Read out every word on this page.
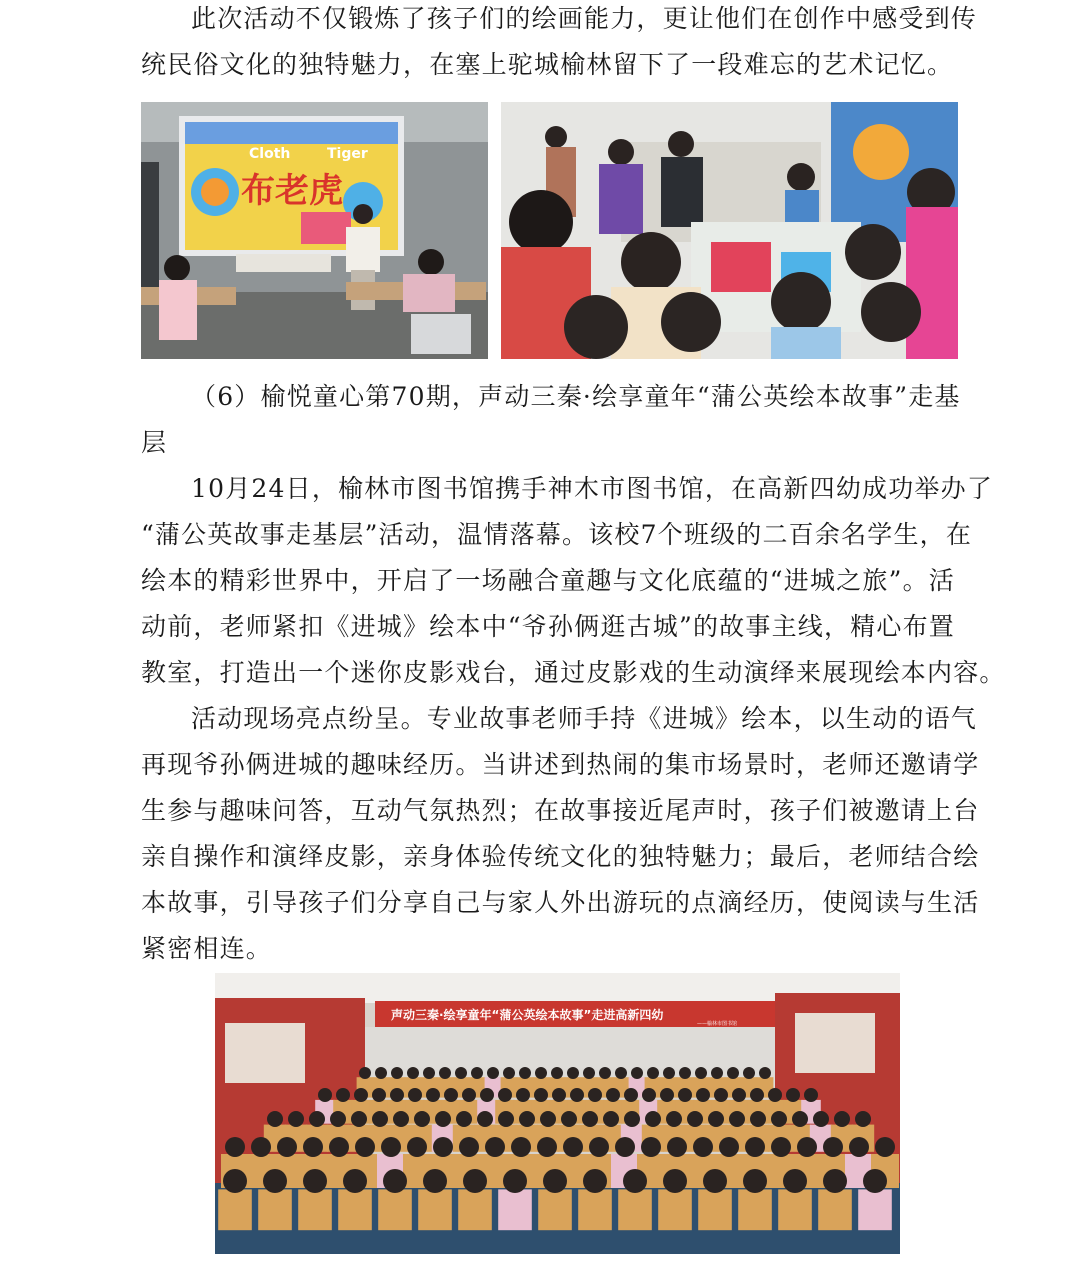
此次活动不仅锻炼了孩子们的绘画能力，更让他们在创作中感受到传
统民俗文化的独特魅力，在塞上驼城榆林留下了一段难忘的艺术记忆。
Cloth	Tiger
布老虎
（6）榆悦童心第70期，声动三秦·绘享童年“蒲公英绘本故事”走基
层
10月24日，榆林市图书馆携手神木市图书馆，在高新四幼成功举办了
“蒲公英故事走基层”活动，温情落幕。该校7个班级的二百余名学生，在
绘本的精彩世界中，开启了一场融合童趣与文化底蕴的“进城之旅”。活
动前，老师紧扣《进城》绘本中“爷孙俩逛古城”的故事主线，精心布置
教室，打造出一个迷你皮影戏台，通过皮影戏的生动演绎来展现绘本内容。
活动现场亮点纷呈。专业故事老师手持《进城》绘本，以生动的语气
再现爷孙俩进城的趣味经历。当讲述到热闹的集市场景时，老师还邀请学
生参与趣味问答，互动气氛热烈；在故事接近尾声时，孩子们被邀请上台
亲自操作和演绎皮影，亲身体验传统文化的独特魅力；最后，老师结合绘
本故事，引导孩子们分享自己与家人外出游玩的点滴经历，使阅读与生活
紧密相连。
声动三秦·绘享童年“蒲公英绘本故事”走进高新四幼
——榆林市图书馆
